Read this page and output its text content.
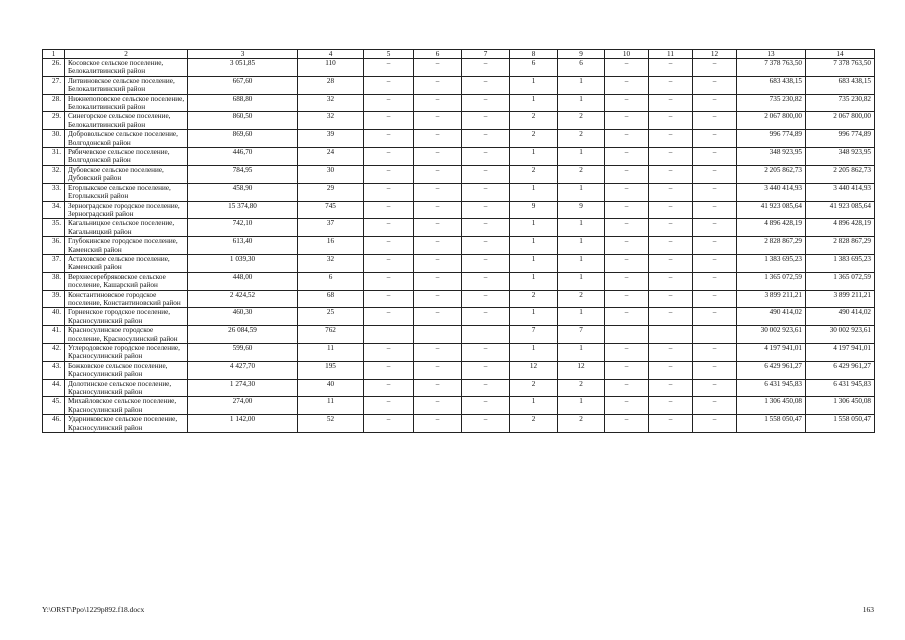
1	2	3	4	5	6	7	8	9	10	11	12	13	14
26.	Косовское сельское поселение, Белокалитвинский район	3 051,85	110	–	–	–	6	6	–	–	–	7 378 763,50	7 378 763,50
27.	Литвиновское сельское поселение, Белокалитвинский район	667,60	28	–	–	–	1	1	–	–	–	683 438,15	683 438,15
28.	Нижнепоповское сельское поселение, Белокалитвинский район	688,80	32	–	–	–	1	1	–	–	–	735 230,82	735 230,82
29.	Синегорское сельское поселение, Белокалитвинский район	860,50	32	–	–	–	2	2	–	–	–	2 067 800,00	2 067 800,00
30.	Добровольское сельское поселение, Волгодонской район	869,60	39	–	–	–	2	2	–	–	–	996 774,89	996 774,89
31.	Рябичевское сельское поселение, Волгодонской район	446,70	24	–	–	–	1	1	–	–	–	348 923,95	348 923,95
32.	Дубовское сельское поселение, Дубовский район	784,95	30	–	–	–	2	2	–	–	–	2 205 862,73	2 205 862,73
33.	Егорлыкское сельское поселение, Егорлыкский район	458,90	29	–	–	–	1	1	–	–	–	3 440 414,93	3 440 414,93
34.	Зерноградское городское поселение, Зерноградский район	15 374,80	745	–	–	–	9	9	–	–	–	41 923 085,64	41 923 085,64
35.	Кагальницкое сельское поселение, Кагальницкий район	742,10	37	–	–	–	1	1	–	–	–	4 896 428,19	4 896 428,19
36.	Глубокинское городское поселение, Каменский район	613,40	16	–	–	–	1	1	–	–	–	2 828 867,29	2 828 867,29
37.	Астаховское сельское поселение, Каменский район	1 039,30	32	–	–	–	1	1	–	–	–	1 383 695,23	1 383 695,23
38.	Верхнесеребряковское сельское поселение, Кашарский район	448,00	6	–	–	–	1	1	–	–	–	1 365 072,59	1 365 072,59
39.	Константиновское городское поселение, Константиновский район	2 424,52	68	–	–	–	2	2	–	–	–	3 899 211,21	3 899 211,21
40.	Горненское городское поселение, Красносулинский район	460,30	25	–	–	–	1	1	–	–	–	490 414,02	490 414,02
41.	Красносулинское городское поселение, Красносулинский район	26 084,59	762				7	7				30 002 923,61	30 002 923,61
42.	Углеродовское городское поселение, Красносулинский район	599,60	11	–	–	–	1	1	–	–	–	4 197 941,01	4 197 941,01
43.	Божковское сельское поселение, Красносулинский район	4 427,70	195	–	–	–	12	12	–	–	–	6 429 961,27	6 429 961,27
44.	Долотинское сельское поселение, Красносулинский район	1 274,30	40	–	–	–	2	2	–	–	–	6 431 945,83	6 431 945,83
45.	Михайловское сельское поселение, Красносулинский район	274,00	11	–	–	–	1	1	–	–	–	1 306 450,08	1 306 450,08
46.	Ударниковское сельское поселение, Красносулинский район	1 142,00	52	–	–	–	2	2	–	–	–	1 558 050,47	1 558 050,47
Y:\ORST\Ppo\1229p892.f18.docx	163
